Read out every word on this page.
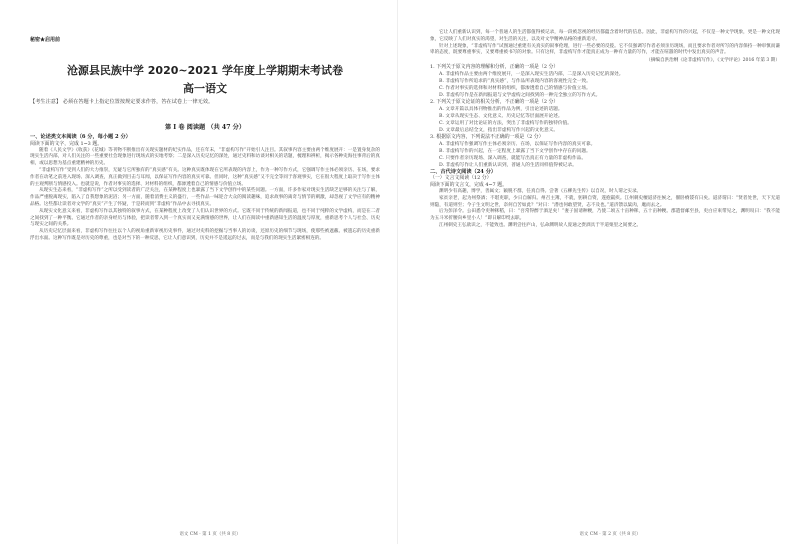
秘密★启用前
沧源县民族中学 2020~2021 学年度上学期期末考试卷
高一语文
【考生注意】 必须在答题卡上指定位置按规定要求作答，答在试卷上一律无效。
第 Ⅰ 卷 阅读题 （共 47 分）
一、论述类文本阅读（6 分，每小题 2 分）

阅读下面的文字，完成 1~3 题。

随着《人民文学》《收获》《花城》等刊物不断推出有关现实题材的纪实作品，还在年末，“非虚构写作”开始引人注目。其叙事内容主要由两个维度展开：一是置身复杂的现实生活内部，对人们关注的一些重要社会现象进行现场式的实地考察；二是深入历史记忆的深处，通过史料和访谈对相关的话题，梳理和辨析，揭示各种史海往事背后的真相，或以思想为基点重建精神的历史。

“非虚构写作”受到人们的大力推崇，无疑与它所独有的“真实感”有关。这种真实既体现在它所表现的内容上，作为一种写作方式，它强调写作主体必须亲历、在场，要求作者在动笔之前进入现场、深入调查，真正做到目击与耳闻，以保证写作内容的真实可靠。但同时，这种“真实感”又不完全等同于客观事实，它在很大程度上取决于写作主体的主观判断与情感投入。也就是说，作者对事实的选择、对材料的组织，都渗透着自己的情感与价值立场。

从现实生态来看，“非虚构写作”之所以受到读者的广泛关注，在某种程度上也暴露了当下文学创作中的某些问题。一方面，许多作家对现实生活缺乏足够的关注与了解，作品严重脱离现实，陷入了自我想象的泥沼；另一方面，随着消费主义的盛行，一些作品一味迎合大众的阅读趣味，追求故事的离奇与情节的刺激，却忽视了文学应有的精神品格。这些都让读者对文学的“真实”产生了怀疑，于是转而到“非虚构”作品中去寻找真实。

从现实文化意义来看，非虚构写作以其独特的叙事方式，在某种程度上改变了人们认识世界的方式。它既不同于传统的新闻报道，也不同于纯粹的文学虚构，而是在二者之间找到了一种平衡。它通过作者的亲身经历与体验，把读者带入到一个真实而又充满情感的世界，让人们在阅读中重新感知生活的温度与厚度，重新思考个人与社会、历史与现实之间的关系。

从历史记忆层面来看，非虚构写作往往以个人的视角重新审视历史事件，通过对史料的挖掘与当事人的访谈，还原历史的细节与现场，使那些被遮蔽、被遗忘的历史重新浮出水面。这种写作既是对历史的尊重，也是对当下的一种反思，它让人们意识到，历史并不是遥远的过去，而是与我们的现实生活紧密相连的。

语文 CM · 第 1 页（共 8 页）	语文 CM · 第 2 页（共 8 页）

它让人们重新认识到，每一个普通人的生活都值得被记录，每一段被忽视的经历都蕴含着时代的信息。因此，非虚构写作的兴起，不仅是一种文学现象，更是一种文化现象，它反映了人们对真实的渴望，对生活的关注，以及对文学精神品格的重新追寻。

针对上述现象，“非虚构写作”试图通过重建有关真实的叙事伦理，进行一些必要的反拨。它不仅强调写作者必须亲历现场，而且要求作者对所写的内容保持一种审慎而谦卑的态度，既要尊重事实，又要尊重被书写的对象。只有这样，非虚构写作才能真正成为一种有力量的写作，才能在喧嚣的时代中发出真实的声音。

（摘编自洪治纲《论非虚构写作》，《文学评论》2016 年第 3 期）

1. 下列关于原文内容的理解和分析，正确的一项是（2 分）

A. 非虚构作品主要由两个维度展开，一是深入现实生活内部，二是深入历史记忆的深处。

B. 非虚构写作所追求的“真实感”，与作品所表现内容的客观性完全一致。

C. 作者对事实的选择和对材料的组织，都渗透着自己的情感与价值立场。

D. 非虚构写作是在新闻报道与文学虚构之间找到的一种完全独立的写作方式。

2. 下列关于原文论证的相关分析，不正确的一项是（2 分）

A. 文章开篇以具体刊物推出的作品为例，引出论述的话题。

B. 文章从现实生态、文化意义、历史记忆等层面展开论述。

C. 文章运用了对比论证的方法，突出了非虚构写作的独特价值。

D. 文章最后总结全文，指出非虚构写作兴起的文化意义。

3. 根据原文内容，下列说法不正确的一项是（2 分）

A. 非虚构写作强调写作主体必须亲历、在场，以保证写作内容的真实可靠。

B. 非虚构写作的兴起，在一定程度上暴露了当下文学创作中存在的问题。

C. 只要作者亲历现场、深入调查，就能写出真正有力量的非虚构作品。

D. 非虚构写作让人们重新认识到，普通人的生活同样值得被记录。

二、古代诗文阅读（24 分）

（一）文言文阅读（12 分）

阅读下面的文言文，完成 4~7 题。

渊明少有高趣，博学，善属文；颖脱不群，任真自得。尝著《五柳先生传》以自况，时人谓之实录。

家贫亲老，起为州祭酒；不堪吏职，少日自解归。州召主簿，不就，躬耕自资，遂抱羸疾。江州刺史檀道济往候之，偃卧瘠馁有日矣。道济谓曰：“贤者处世，天下无道则隐，有道则至；今子生文明之世，奈何自苦如此？”对曰：“潜也何敢望贤，志不及也。”道济馈以粱肉，麾而去之。

后为彭泽令。公田悉令吏种秫稻，曰：“吾常得醉于酒足矣！”妻子固请种粳，乃使二顷五十亩种秫，五十亩种粳。郡遣督邮至县，吏白应束带见之，渊明叹曰：“我不能为五斗米折腰向乡里小人！”即日解印绶去职。

江州刺史王弘欲识之，不能致也。渊明尝往庐山，弘命渊明故人庞通之赍酒具于半道栗里之间要之。
